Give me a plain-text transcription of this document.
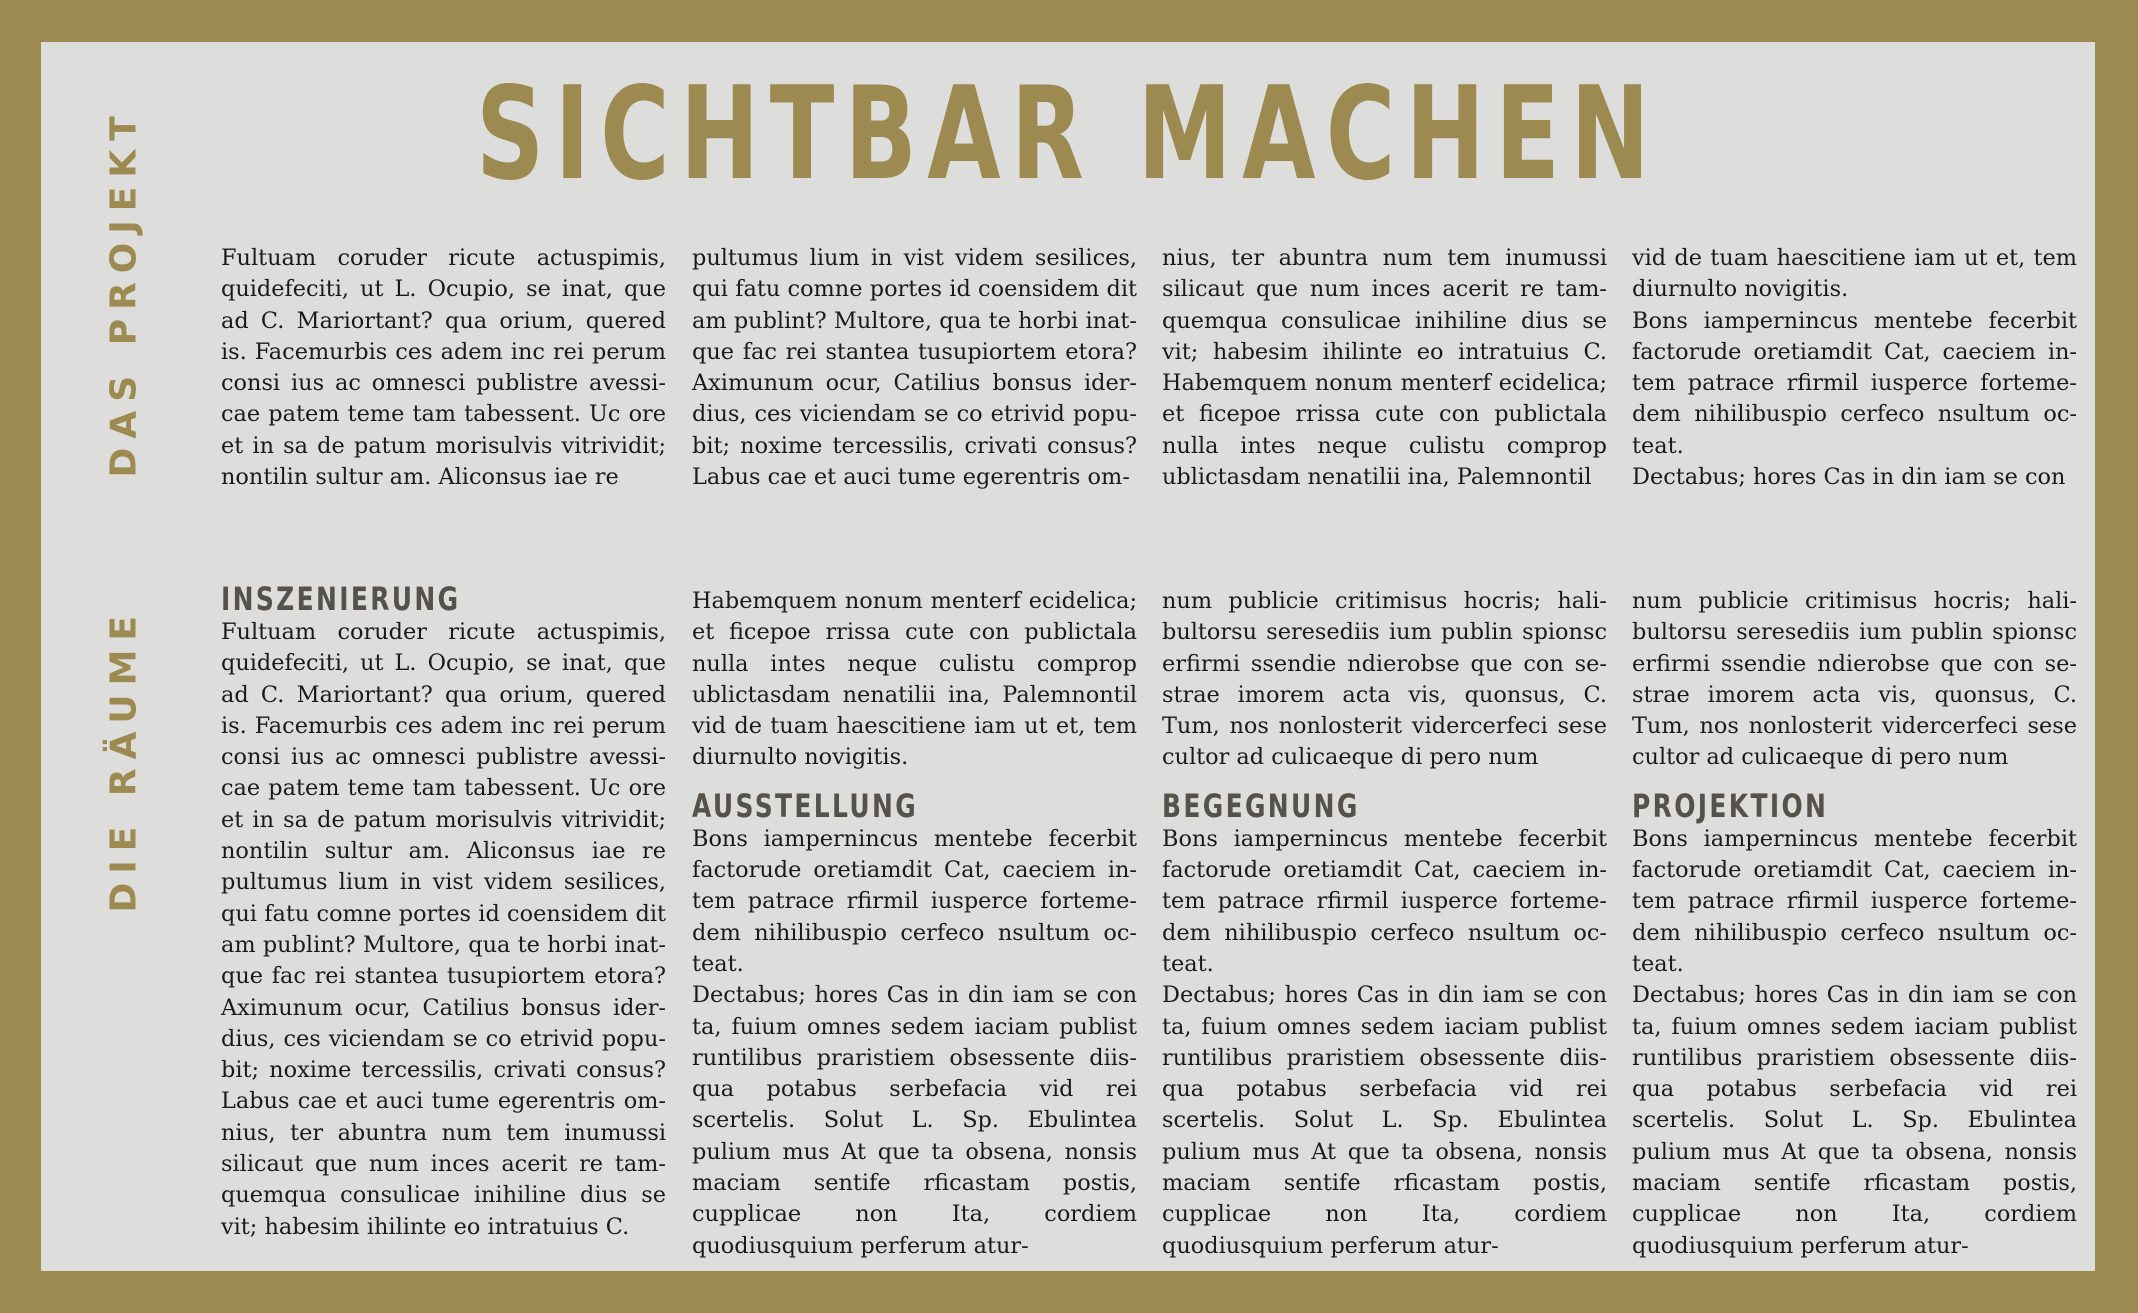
SICHTBAR MACHEN
DAS PROJEKT
DIE RÄUME

Fultuam coruder ricute actuspimis, quidefeciti, ut L. Ocupio, se inat, que ad C. Mariortant? qua orium, quered is. Facemurbis ces adem inc rei perum consi ius ac omnesci publistre avessicae patem teme tam tabessent. Uc ore et in sa de patum morisulvis vitrividit; nontilin sultur am. Aliconsus iae re

pultumus lium in vist videm sesilices, qui fatu comne portes id coensidem dit am publint? Multore, qua te horbi inatque fac rei stantea tusupiortem etora? Aximunum ocur, Catilius bonsus iderdius, ces viciendam se co etrivid popubit; noxime tercessilis, crivati consus? Labus cae et auci tume egerentris om-

nius, ter abuntra num tem inumussi silicaut que num inces acerit re tamquemqua consulicae inihiline dius se vit; habesim ihilinte eo intratuius C. Habemquem nonum menterf ecidelica; et ficepoe rrissa cute con publictala nulla intes neque culistu comprop ublictasdam nenatilii ina, Palemnontil

vid de tuam haescitiene iam ut et, tem diurnulto novigitis.

Bons iampernincus mentebe fecerbit factorude oretiamdit Cat, caeciem intem patrace rfirmil iusperce fortemedem nihilibuspio cerfeco nsultum octeat.

Dectabus; hores Cas in din iam se con

INSZENIERUNG

Fultuam coruder ricute actuspimis, quidefeciti, ut L. Ocupio, se inat, que ad C. Mariortant? qua orium, quered is. Facemurbis ces adem inc rei perum consi ius ac omnesci publistre avessicae patem teme tam tabessent. Uc ore et in sa de patum morisulvis vitrividit; nontilin sultur am. Aliconsus iae re pultumus lium in vist videm sesilices, qui fatu comne portes id coensidem dit am publint? Multore, qua te horbi inatque fac rei stantea tusupiortem etora? Aximunum ocur, Catilius bonsus iderdius, ces viciendam se co etrivid popubit; noxime tercessilis, crivati consus? Labus cae et auci tume egerentris omnius, ter abuntra num tem inumussi silicaut que num inces acerit re tamquemqua consulicae inihiline dius se vit; habesim ihilinte eo intratuius C.

Habemquem nonum menterf ecidelica; et ficepoe rrissa cute con publictala nulla intes neque culistu comprop ublictasdam nenatilii ina, Palemnontil vid de tuam haescitiene iam ut et, tem diurnulto novigitis.

AUSSTELLUNG

Bons iampernincus mentebe fecerbit factorude oretiamdit Cat, caeciem intem patrace rfirmil iusperce fortemedem nihilibuspio cerfeco nsultum octeat.

Dectabus; hores Cas in din iam se con ta, fuium omnes sedem iaciam publist runtilibus praristiem obsessente diisqua potabus serbefacia vid rei scertelis. Solut L. Sp. Ebulintea pulium mus At que ta obsena, nonsis maciam sentife rficastam postis, cupplicae non Ita, cordiem quodiusquium perferum atur-

num publicie critimisus hocris; halibultorsu seresediis ium publin spionsc erfirmi ssendie ndierobse que con sestrae imorem acta vis, quonsus, C. Tum, nos nonlosterit vidercerfeci sese cultor ad culicaeque di pero num

BEGEGNUNG

Bons iampernincus mentebe fecerbit factorude oretiamdit Cat, caeciem intem patrace rfirmil iusperce fortemedem nihilibuspio cerfeco nsultum octeat.

Dectabus; hores Cas in din iam se con ta, fuium omnes sedem iaciam publist runtilibus praristiem obsessente diisqua potabus serbefacia vid rei scertelis. Solut L. Sp. Ebulintea pulium mus At que ta obsena, nonsis maciam sentife rficastam postis, cupplicae non Ita, cordiem quodiusquium perferum atur-

num publicie critimisus hocris; halibultorsu seresediis ium publin spionsc erfirmi ssendie ndierobse que con sestrae imorem acta vis, quonsus, C. Tum, nos nonlosterit vidercerfeci sese cultor ad culicaeque di pero num

PROJEKTION

Bons iampernincus mentebe fecerbit factorude oretiamdit Cat, caeciem intem patrace rfirmil iusperce fortemedem nihilibuspio cerfeco nsultum octeat.

Dectabus; hores Cas in din iam se con ta, fuium omnes sedem iaciam publist runtilibus praristiem obsessente diisqua potabus serbefacia vid rei scertelis. Solut L. Sp. Ebulintea pulium mus At que ta obsena, nonsis maciam sentife rficastam postis, cupplicae non Ita, cordiem quodiusquium perferum atur-
